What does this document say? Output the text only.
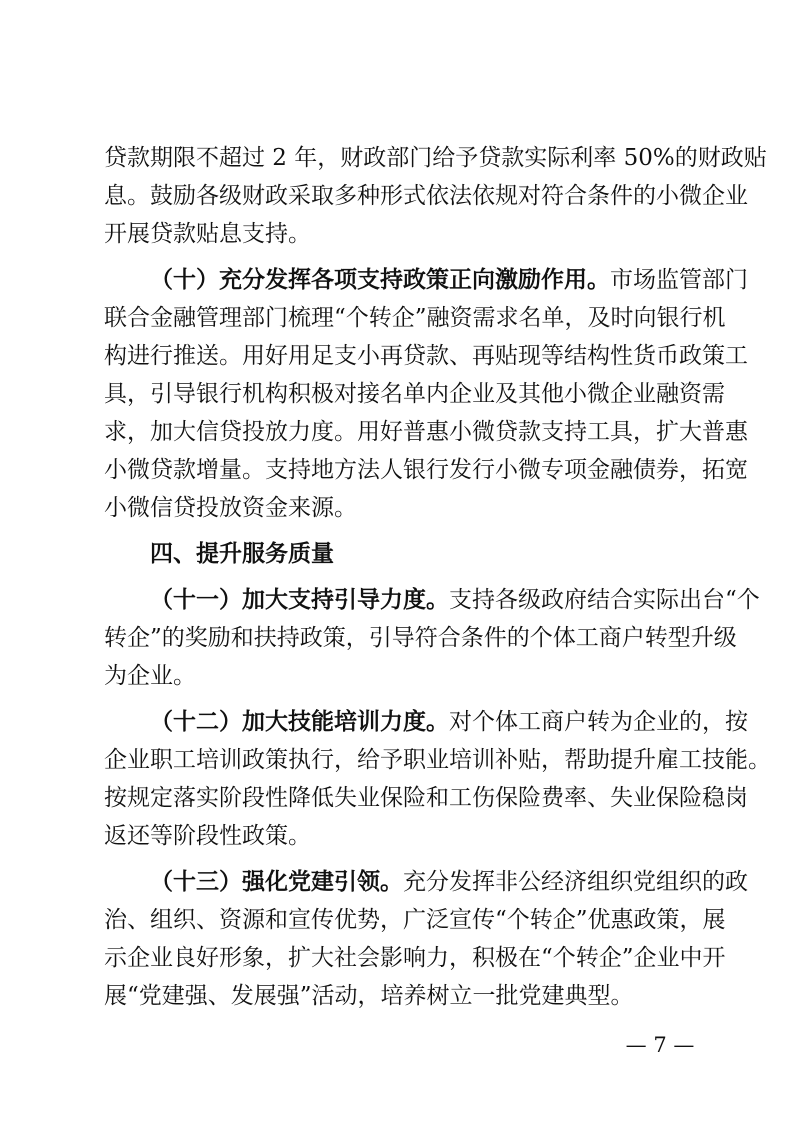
贷款期限不超过 2 年，财政部门给予贷款实际利率 50%的财政贴
息。鼓励各级财政采取多种形式依法依规对符合条件的小微企业
开展贷款贴息支持。
（十）充分发挥各项支持政策正向激励作用。市场监管部门
联合金融管理部门梳理“个转企”融资需求名单，及时向银行机
构进行推送。用好用足支小再贷款、再贴现等结构性货币政策工
具，引导银行机构积极对接名单内企业及其他小微企业融资需
求，加大信贷投放力度。用好普惠小微贷款支持工具，扩大普惠
小微贷款增量。支持地方法人银行发行小微专项金融债券，拓宽
小微信贷投放资金来源。
四、提升服务质量
（十一）加大支持引导力度。支持各级政府结合实际出台“个
转企”的奖励和扶持政策，引导符合条件的个体工商户转型升级
为企业。
（十二）加大技能培训力度。对个体工商户转为企业的，按
企业职工培训政策执行，给予职业培训补贴，帮助提升雇工技能。
按规定落实阶段性降低失业保险和工伤保险费率、失业保险稳岗
返还等阶段性政策。
（十三）强化党建引领。充分发挥非公经济组织党组织的政
— 7 —
治、组织、资源和宣传优势，广泛宣传“个转企”优惠政策，展
示企业良好形象，扩大社会影响力，积极在“个转企”企业中开
展“党建强、发展强”活动，培养树立一批党建典型。
